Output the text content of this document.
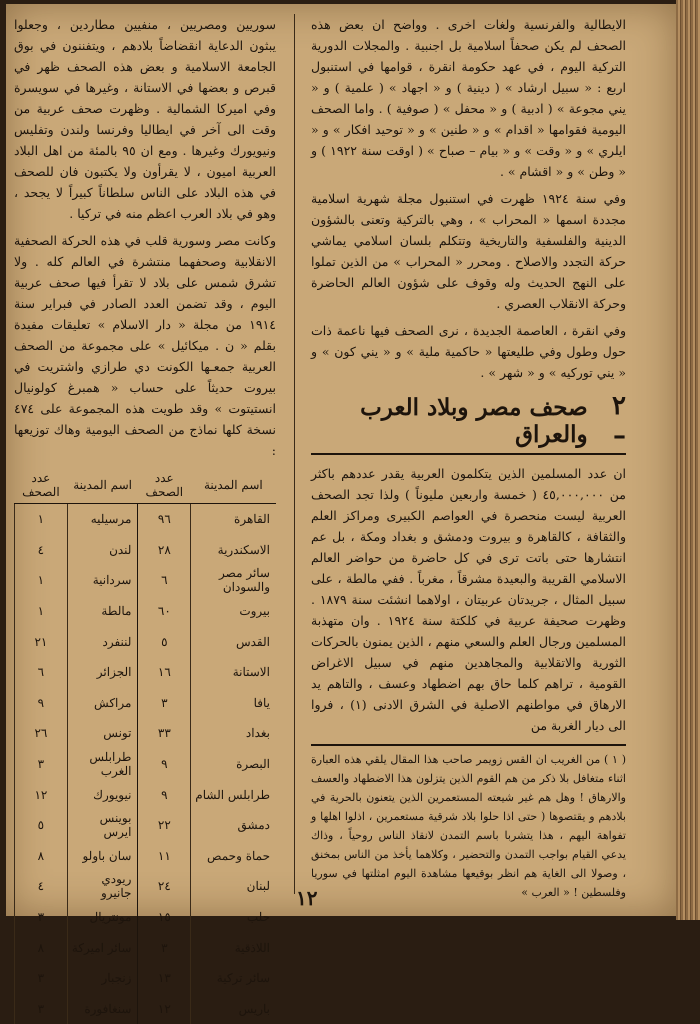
الايطالية والفرنسية ولغات اخرى . وواضح ان بعض هذه الصحف لم يكن صحفاً اسلامية بل اجنبية . والمجلات الدورية التركية اليوم ، في عهد حكومة انقرة ، قوامها في استنبول اربع : « سبيل ارشاد » ( دينية ) و « اجهاد » ( علمية ) و « يني مجوعة » ( ادبية ) و « محفل » ( صوفية ) . واما الصحف اليومية فقوامها « اقدام » و « طنين » و « توحيد افكار » و « ايلري » و « وقت » و « بيام – صباح » ( اوقت سنة ١٩٢٢ ) و « وطن » و « اقشام » .

وفي سنة ١٩٢٤ ظهرت في استنبول مجلة شهرية اسلامية مجددة اسمها « المحراب » ، وهي بالتركية وتعنى بالشؤون الدينية والفلسفية والتاريخية وتتكلم بلسان اسلامي يماشي حركة التجدد والاصلاح . ومحرر « المحراب » من الذين تملوا على النهج الحديث وله وقوف على شؤون العالم الحاضرة وحركة الانقلاب العصري .

وفي انقرة ، العاصمة الجديدة ، نرى الصحف فيها ناعمة ذات حول وطول وفي طليعتها « حاكمية ملية » و « يني كون » و « يني توركيه » و « شهر » .

٢ –
صحف مصر وبلاد العرب والعراق

ان عدد المسلمين الذين يتكلمون العربية يقدر عددهم باكثر من ٤٥,٠٠٠,٠٠٠ ( خمسة واربعين مليوناً ) ولذا تجد الصحف العربية ليست منحصرة في العواصم الكبيرى ومراكز العلم والثقافة ، كالقاهرة و بيروت ودمشق و بغداد ومكة ، بل عم انتشارها حتى باتت ترى في كل حاضرة من حواضر العالم الاسلامي القريبة والبعيدة مشرقاً ، مغرباً . ففي مالطة ، على سبيل المثال ، جريدتان عربيتان ، اولاهما انشئت سنة ١٨٧٩ . وظهرت صحيفة عربية في كلكتة سنة ١٩٢٤ . وان متهذبة المسلمين ورجال العلم والسعي منهم ، الذين يمنون بالحركات الثورية والاتقلابية والمجاهدين منهم في سبيل الاغراض القومية ، تراهم كلما حاق بهم اضطهاد وعسف ، والتاهم يد الارهاق في مواطنهم الاصلية في الشرق الادنى (١) ، فروا الى ديار الغربة من

( ١ ) من الغريب ان القس زويمر صاحب هذا المقال يلقي هذه العبارة اثناء متغافل بلا ذكر من هم القوم الذين يتزلون هذا الاضطهاد والعسف والارهاق ! وهل هم غير شيعته المستعمرين الذين يتعنون بالحرية في بلادهم و يقتصوها ( حتى اذا حلوا بلاد شرقية مستعمرين ، اذلوا اهلها و تفواهة اليهم ، هذا يتشربا باسم التمدن لانقاذ الناس روحياً ، وذاك يدعي القيام بواجب التمدن والتحضير ، وكلاهما يأخذ من الناس بمخنق ، وصولا الى الغاية هم انظر بوقيعها مشاهدة اليوم امثلتها في سوريا وفلسطين ! « العرب »

سوريين ومصريين ، منفيين مطاردين ، وجعلوا يبثون الدعاية انقضاضاً بلادهم ، ويتفننون في بوق الجامعة الاسلامية و بعض هذه الصحف ظهر في قبرص و بعضها في الاستانة ، وغيرها في سويسرة وفي اميركا الشمالية . وظهرت صحف عربية من وقت الى آخر في ايطاليا وفرنسا ولندن وتفليس ونيويورك وغيرها . ومع ان ٩٥ بالمئة من اهل البلاد العربية اميون ، لا يقرأون ولا يكتبون فان للصحف في هذه البلاد على الناس سلطاناً كبيراً لا يجحد ، وهو في بلاد العرب اعظم منه في تركيا .

وكانت مصر وسورية قلب في هذه الحركة الصحفية الانقلابية وصحفهما منتشرة في العالم كله . ولا تشرق شمس على بلاد لا تقرأ فيها صحف عربية اليوم ، وقد تضمن العدد الصادر في فبراير سنة ١٩١٤ من مجلة « دار الاسلام » تعليقات مفيدة بقلم « ن . ميكائيل » على مجموعة من الصحف العربية جمعـها الكونت دي طرازي واشتريت في بيروت حديثاً على حساب « همبرغ كولونيال انستيتوت » وقد طويت هذه المجموعة على ٤٧٤ نسخة كلها نماذج من الصحف اليومية وهاك توزيعها :

اسم المدينة	عدد الصحف	اسم المدينة	عدد الصحف
القاهرة	٩٦	مرسيليه	١
الاسكندرية	٢٨	لندن	٤
سائر مصر والسودان	٦	سردانية	١
بيروت	٦٠	مالطة	١
القدس	٥	لننفرد	٢١
الاستانة	١٦	الجزائر	٦
يافا	٣	مراكش	٩
بغداد	٣٣	تونس	٢٦
البصرة	٩	طرابلس الغرب	٣
طرابلس الشام	٩	نيويورك	١٢
دمشق	٢٢	بوينس ايرس	٥
حماة وحمص	١١	سان باولو	٨
لبنان	٢٤	ريودي جانيرو	٤
حلب	١٥	مونتريال	٣
اللاذقية	٣	سائر اميركة	٨
سائر تركية	١٣	زنجبار	٣
باريس	١٢	سنغافورة	٣
١٢
